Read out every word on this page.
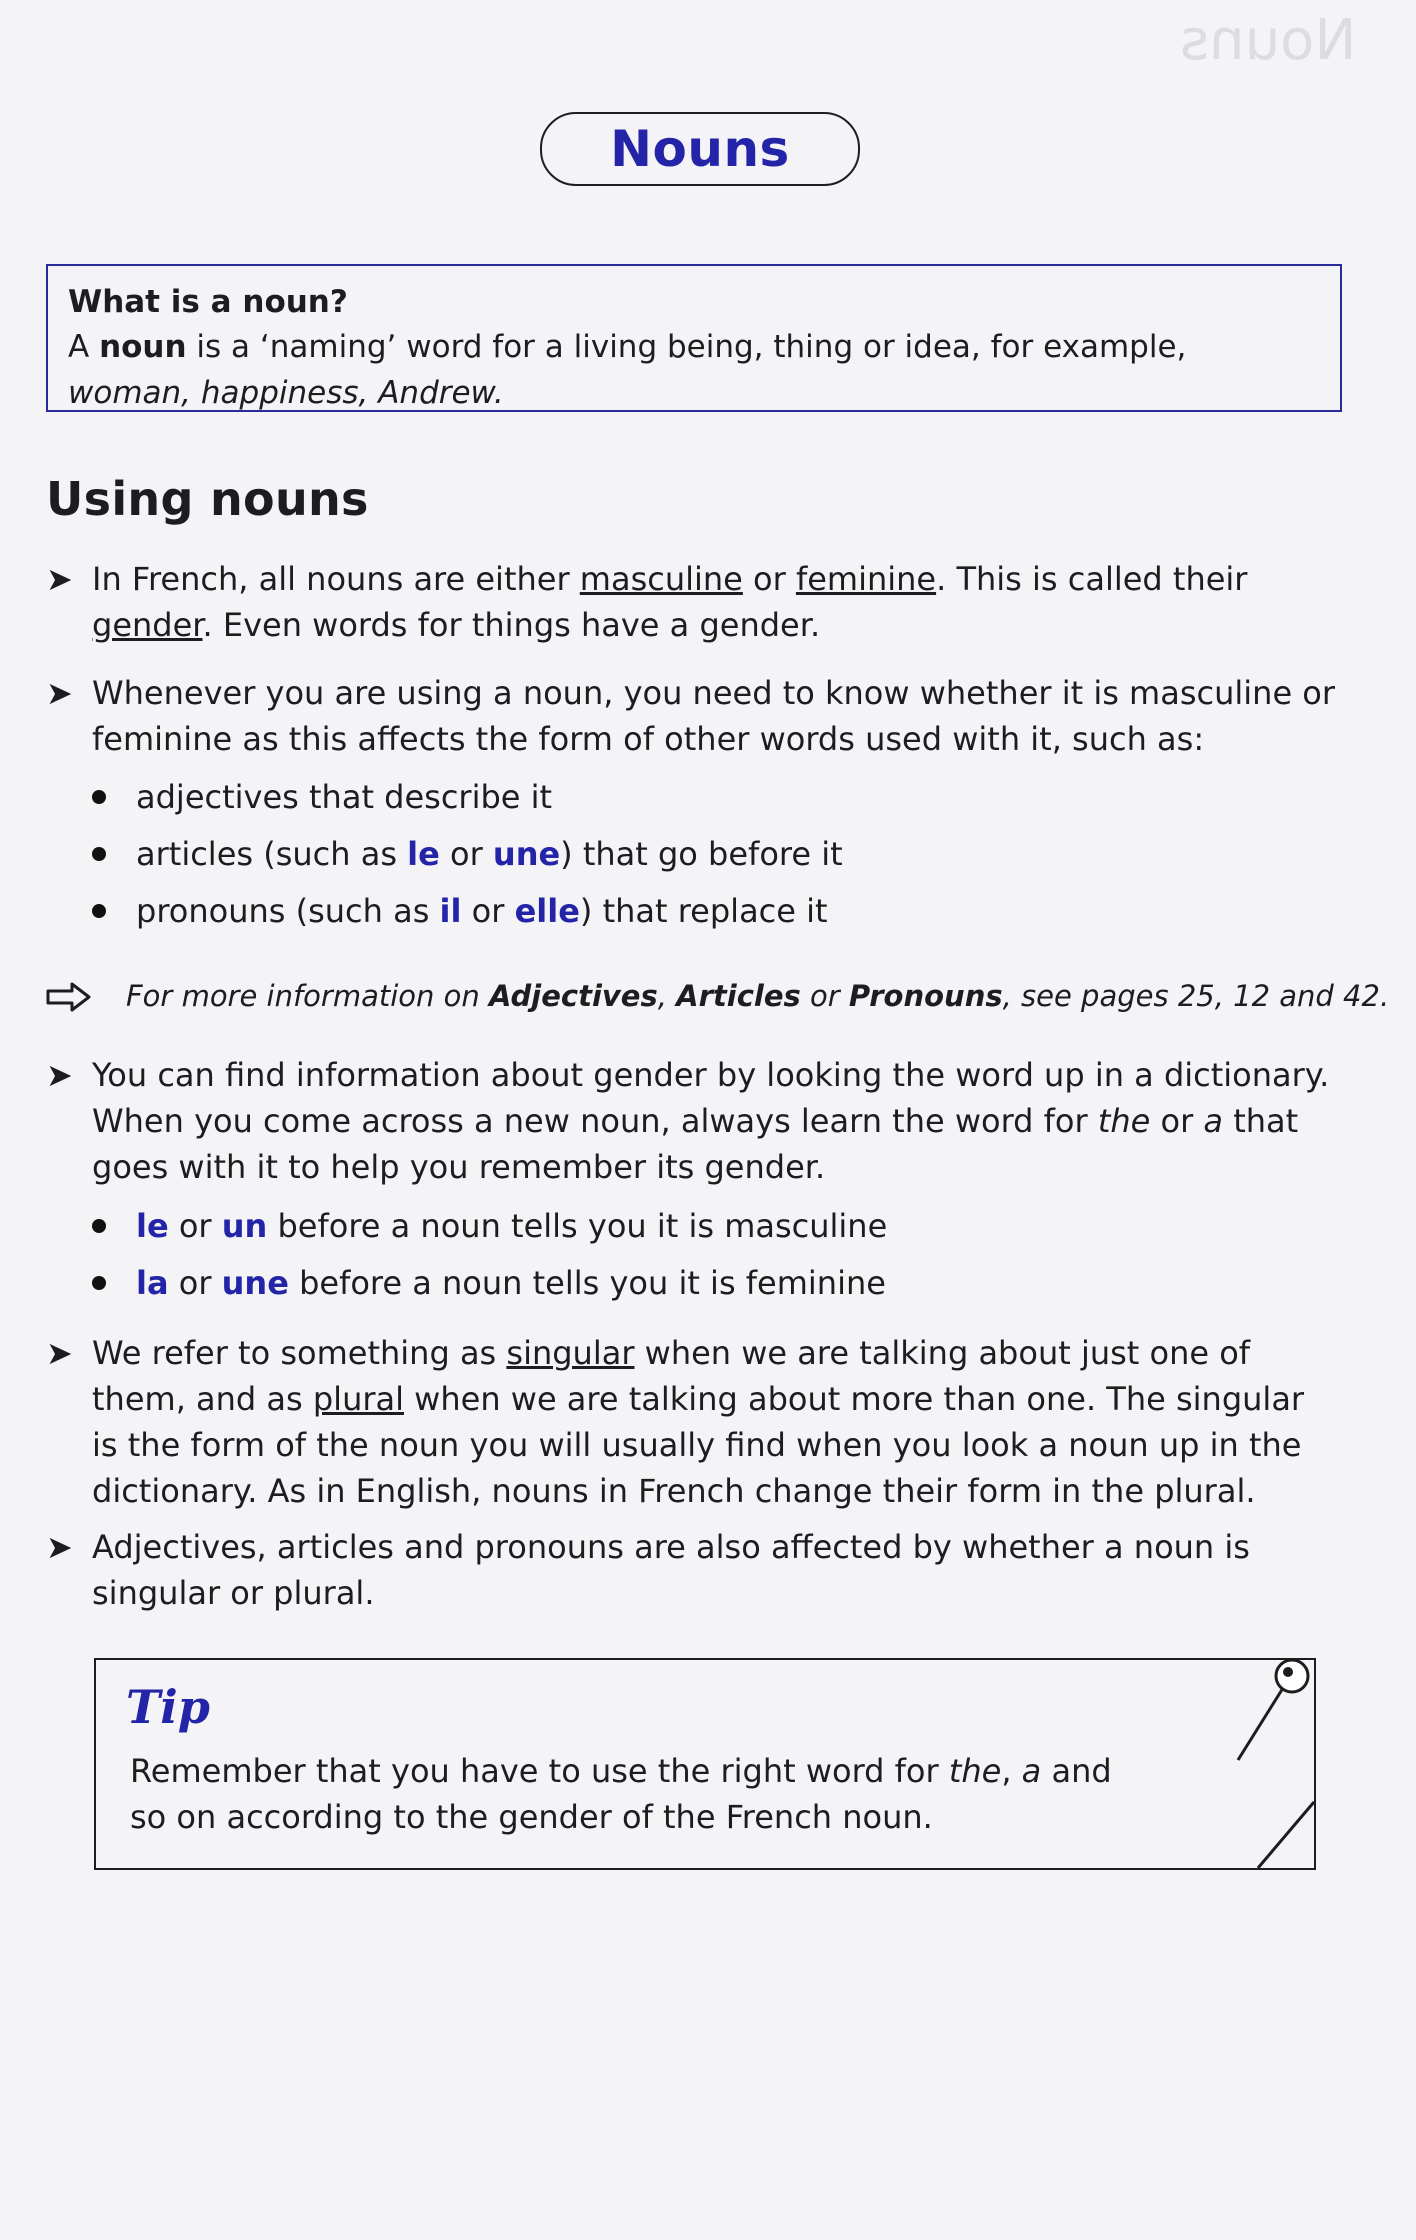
Nouns
Nouns
What is a noun?
A noun is a ‘naming’ word for a living being, thing or idea, for example,
woman, happiness, Andrew.
Using nouns
➤ In French, all nouns are either masculine or feminine. This is called their
gender. Even words for things have a gender.
➤ Whenever you are using a noun, you need to know whether it is masculine or
feminine as this affects the form of other words used with it, such as:
adjectives that describe it
articles (such as le or une) that go before it
pronouns (such as il or elle) that replace it
For more information on Adjectives, Articles or Pronouns, see pages 25, 12 and 42.
➤ You can find information about gender by looking the word up in a dictionary.
When you come across a new noun, always learn the word for the or a that
goes with it to help you remember its gender.
le or un before a noun tells you it is masculine
la or une before a noun tells you it is feminine
➤ We refer to something as singular when we are talking about just one of
them, and as plural when we are talking about more than one. The singular
is the form of the noun you will usually find when you look a noun up in the
dictionary. As in English, nouns in French change their form in the plural.
➤ Adjectives, articles and pronouns are also affected by whether a noun is
singular or plural.
Tip
Remember that you have to use the right word for the, a and
so on according to the gender of the French noun.
